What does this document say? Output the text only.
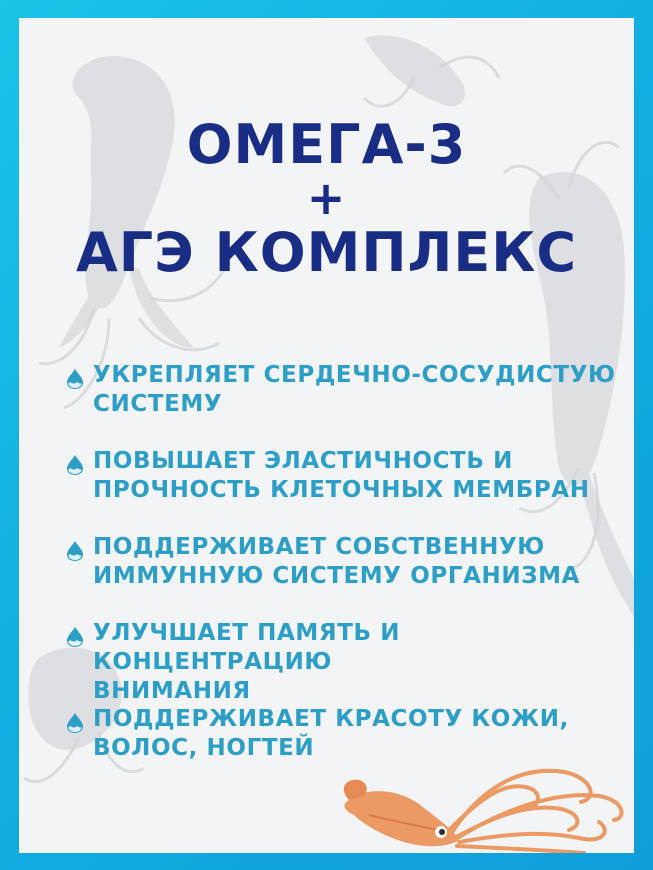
ОМЕГА-3
+
АГЭ КОМПЛЕКС
УКРЕПЛЯЕТ СЕРДЕЧНО-СОСУДИСТУЮ
СИСТЕМУ
ПОВЫШАЕТ ЭЛАСТИЧНОСТЬ И
ПРОЧНОСТЬ КЛЕТОЧНЫХ МЕМБРАН
ПОДДЕРЖИВАЕТ СОБСТВЕННУЮ
ИММУННУЮ СИСТЕМУ ОРГАНИЗМА
УЛУЧШАЕТ ПАМЯТЬ И КОНЦЕНТРАЦИЮ
ВНИМАНИЯ
ПОДДЕРЖИВАЕТ КРАСОТУ КОЖИ,
ВОЛОС, НОГТЕЙ
